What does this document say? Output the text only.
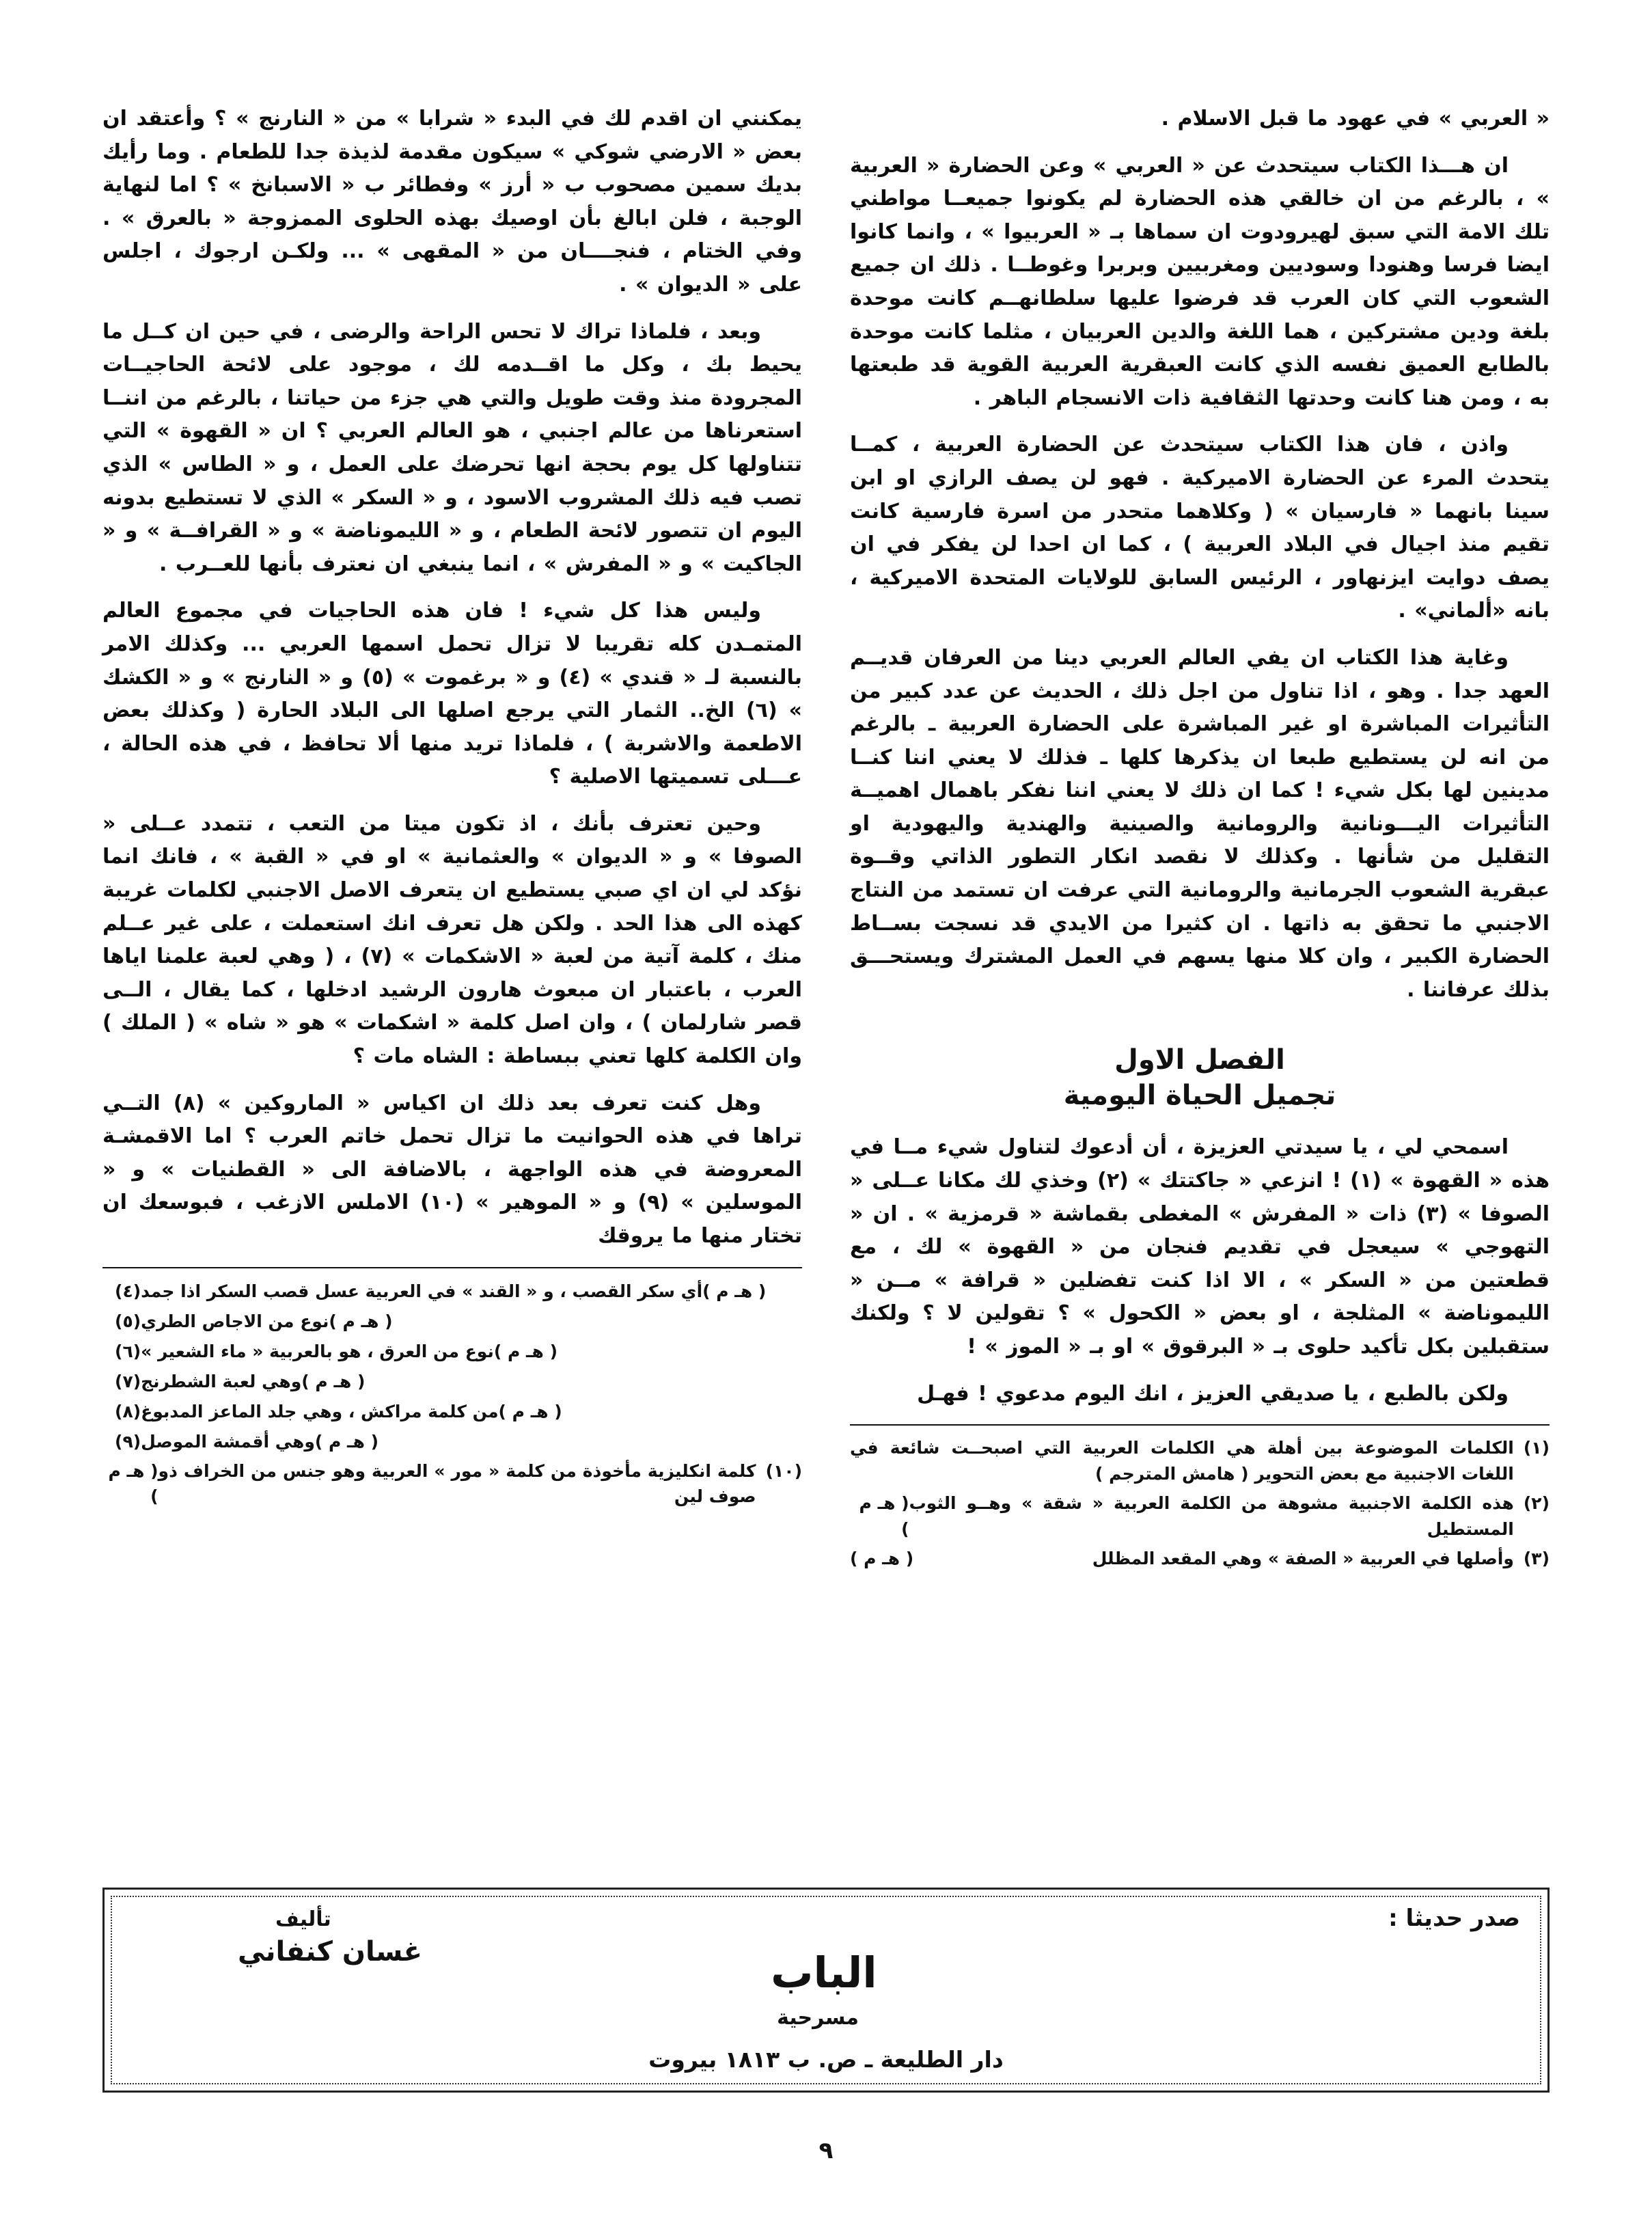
« العربي » في عهود ما قبل الاسلام .

ان هـــذا الكتاب سيتحدث عن « العربي » وعن الحضارة « العربية » ، بالرغم من ان خالقي هذه الحضارة لم يكونوا جميعــا مواطني تلك الامة التي سبق لهيرودوت ان سماها بـ « العربيوا » ، وانما كانوا ايضا فرسا وهنودا وسوديين ومغربيين وبربرا وغوطــا . ذلك ان جميع الشعوب التي كان العرب قد فرضوا عليها سلطانهــم كانت موحدة بلغة ودين مشتركين ، هما اللغة والدين العربيان ، مثلما كانت موحدة بالطابع العميق نفسه الذي كانت العبقرية العربية القوية قد طبعتها به ، ومن هنا كانت وحدتها الثقافية ذات الانسجام الباهر .

واذن ، فان هذا الكتاب سيتحدث عن الحضارة العربية ، كمــا يتحدث المرء عن الحضارة الاميركية . فهو لن يصف الرازي او ابن سينا بانهما « فارسيان » ( وكلاهما متحدر من اسرة فارسية كانت تقيم منذ اجيال في البلاد العربية ) ، كما ان احدا لن يفكر في ان يصف دوايت ايزنهاور ، الرئيس السابق للولايات المتحدة الاميركية ، بانه «ألماني» .

وغاية هذا الكتاب ان يفي العالم العربي دينا من العرفان قديــم العهد جدا . وهو ، اذا تناول من اجل ذلك ، الحديث عن عدد كبير من التأثيرات المباشرة او غير المباشرة على الحضارة العربية ـ بالرغم من انه لن يستطيع طبعا ان يذكرها كلها ـ فذلك لا يعني اننا كنــا مدينين لها بكل شيء ! كما ان ذلك لا يعني اننا نفكر باهمال اهميــة التأثيرات اليـــونانية والرومانية والصينية والهندية واليهودية او التقليل من شأنها . وكذلك لا نقصد انكار التطور الذاتي وقــوة عبقرية الشعوب الجرمانية والرومانية التي عرفت ان تستمد من النتاج الاجنبي ما تحقق به ذاتها . ان كثيرا من الايدي قد نسجت بســاط الحضارة الكبير ، وان كلا منها يسهم في العمل المشترك ويستحـــق بذلك عرفاننا .

الفصل الاول
تجميل الحياة اليومية

اسمحي لي ، يا سيدتي العزيزة ، أن أدعوك لتناول شيء مــا في هذه « القهوة » (١) ! انزعي « جاكتتك » (٢) وخذي لك مكانا عــلى « الصوفا » (٣) ذات « المفرش » المغطى بقماشة « قرمزية » . ان « التهوجي » سيعجل في تقديم فنجان من « القهوة » لك ، مع قطعتين من « السكر » ، الا اذا كنت تفضلين « قرافة » مــن « الليموناضة » المثلجة ، او بعض « الكحول » ؟ تقولين لا ؟ ولكنك ستقبلين بكل تأكيد حلوى بـ « البرقوق » او بـ « الموز » !

ولكن بالطبع ، يا صديقي العزيز ، انك اليوم مدعوي ! فهـل

(١)
الكلمات الموضوعة بين أهلة هي الكلمات العربية التي اصبحــت شائعة في اللغات الاجنبية مع بعض التحوير ( هامش المترجم )
(٢)
هذه الكلمة الاجنبية مشوهة من الكلمة العربية « شقة » وهــو الثوب المستطيل
( هـ م )
(٣)
وأصلها في العربية « الصفة » وهي المقعد المظلل
( هـ م )

يمكنني ان اقدم لك في البدء « شرابا » من « النارنج » ؟ وأعتقد ان بعض « الارضي شوكي » سيكون مقدمة لذيذة جدا للطعام . وما رأيك بديك سمين مصحوب ب « أرز » وفطائر ب « الاسبانخ » ؟ اما لنهاية الوجبة ، فلن ابالغ بأن اوصيك بهذه الحلوى الممزوجة « بالعرق » . وفي الختام ، فنجــــان من « المقهى » ... ولكـن ارجوك ، اجلس على « الديوان » .

وبعد ، فلماذا تراك لا تحس الراحة والرضى ، في حين ان كــل ما يحيط بك ، وكل ما اقــدمه لك ، موجود على لائحة الحاجيــات المجرودة منذ وقت طويل والتي هي جزء من حياتنا ، بالرغم من اننــا استعرناها من عالم اجنبي ، هو العالم العربي ؟ ان « القهوة » التي تتناولها كل يوم بحجة انها تحرضك على العمل ، و « الطاس » الذي تصب فيه ذلك المشروب الاسود ، و « السكر » الذي لا تستطيع بدونه اليوم ان تتصور لائحة الطعام ، و « الليموناضة » و « القرافــة » و « الجاكيت » و « المفرش » ، انما ينبغي ان نعترف بأنها للعــرب .

وليس هذا كل شيء ! فان هذه الحاجيات في مجموع العالم المتمـدن كله تقريبا لا تزال تحمل اسمها العربي ... وكذلك الامر بالنسبة لـ « قندي » (٤) و « برغموت » (٥) و « النارنج » و « الكشك » (٦) الخ.. الثمار التي يرجع اصلها الى البلاد الحارة ( وكذلك بعض الاطعمة والاشربة ) ، فلماذا تريد منها ألا تحافظ ، في هذه الحالة ، عـــلى تسميتها الاصلية ؟

وحين تعترف بأنك ، اذ تكون ميتا من التعب ، تتمدد عــلى « الصوفا » و « الديوان » والعثمانية » او في « القبة » ، فانك انما نؤكد لي ان اي صبي يستطيع ان يتعرف الاصل الاجنبي لكلمات غريبة كهذه الى هذا الحد . ولكن هل تعرف انك استعملت ، على غير عــلم منك ، كلمة آتية من لعبة « الاشكمات » (٧) ، ( وهي لعبة علمنا اياها العرب ، باعتبار ان مبعوث هارون الرشيد ادخلها ، كما يقال ، الــى قصر شارلمان ) ، وان اصل كلمة « اشكمات » هو « شاه » ( الملك ) وان الكلمة كلها تعني ببساطة : الشاه مات ؟

وهل كنت تعرف بعد ذلك ان اكياس « الماروكين » (٨) التــي تراها في هذه الحوانيت ما تزال تحمل خاتم العرب ؟ اما الاقمشـة المعروضة في هذه الواجهة ، بالاضافة الى « القطنيات » و « الموسلين » (٩) و « الموهير » (١٠) الاملس الازغب ، فبوسعك ان تختار منها ما يروقك

(٤) أي سكر القصب ، و « القند » في العربية عسل قصب السكر اذا جمد ( هـ م )
(٥) نوع من الاجاص الطري ( هـ م )
(٦) نوع من العرق ، هو بالعربية « ماء الشعير » ( هـ م )
(٧) وهي لعبة الشطرنج ( هـ م )
(٨) من كلمة مراكش ، وهي جلد الماعز المدبوغ ( هـ م )
(٩) وهي أقمشة الموصل ( هـ م )
(١٠)
كلمة انكليزية مأخوذة من كلمة « مور » العربية وهو جنس من الخراف ذو صوف لين
( هـ م )
صدر حديثا :
تأليف
غسان كنفاني	الباب
مسرحية
دار الطليعة ـ ص. ب ١٨١٣ بيروت
٩
